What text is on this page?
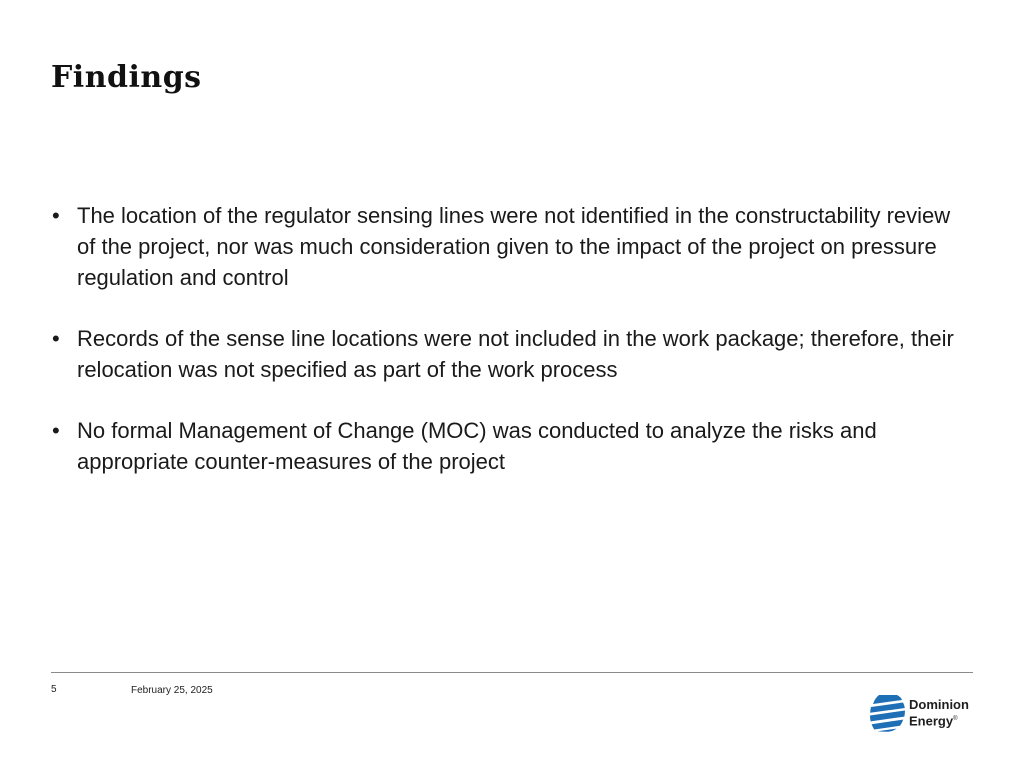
Findings
• The location of the regulator sensing lines were not identified in the constructability review of the project, nor was much consideration given to the impact of the project on pressure regulation and control
• Records of the sense line locations were not included in the work package; therefore, their relocation was not specified as part of the work process
• No formal Management of Change (MOC) was conducted to analyze the risks and appropriate counter-measures of the project
5	February 25, 2025
Dominion
Energy®
